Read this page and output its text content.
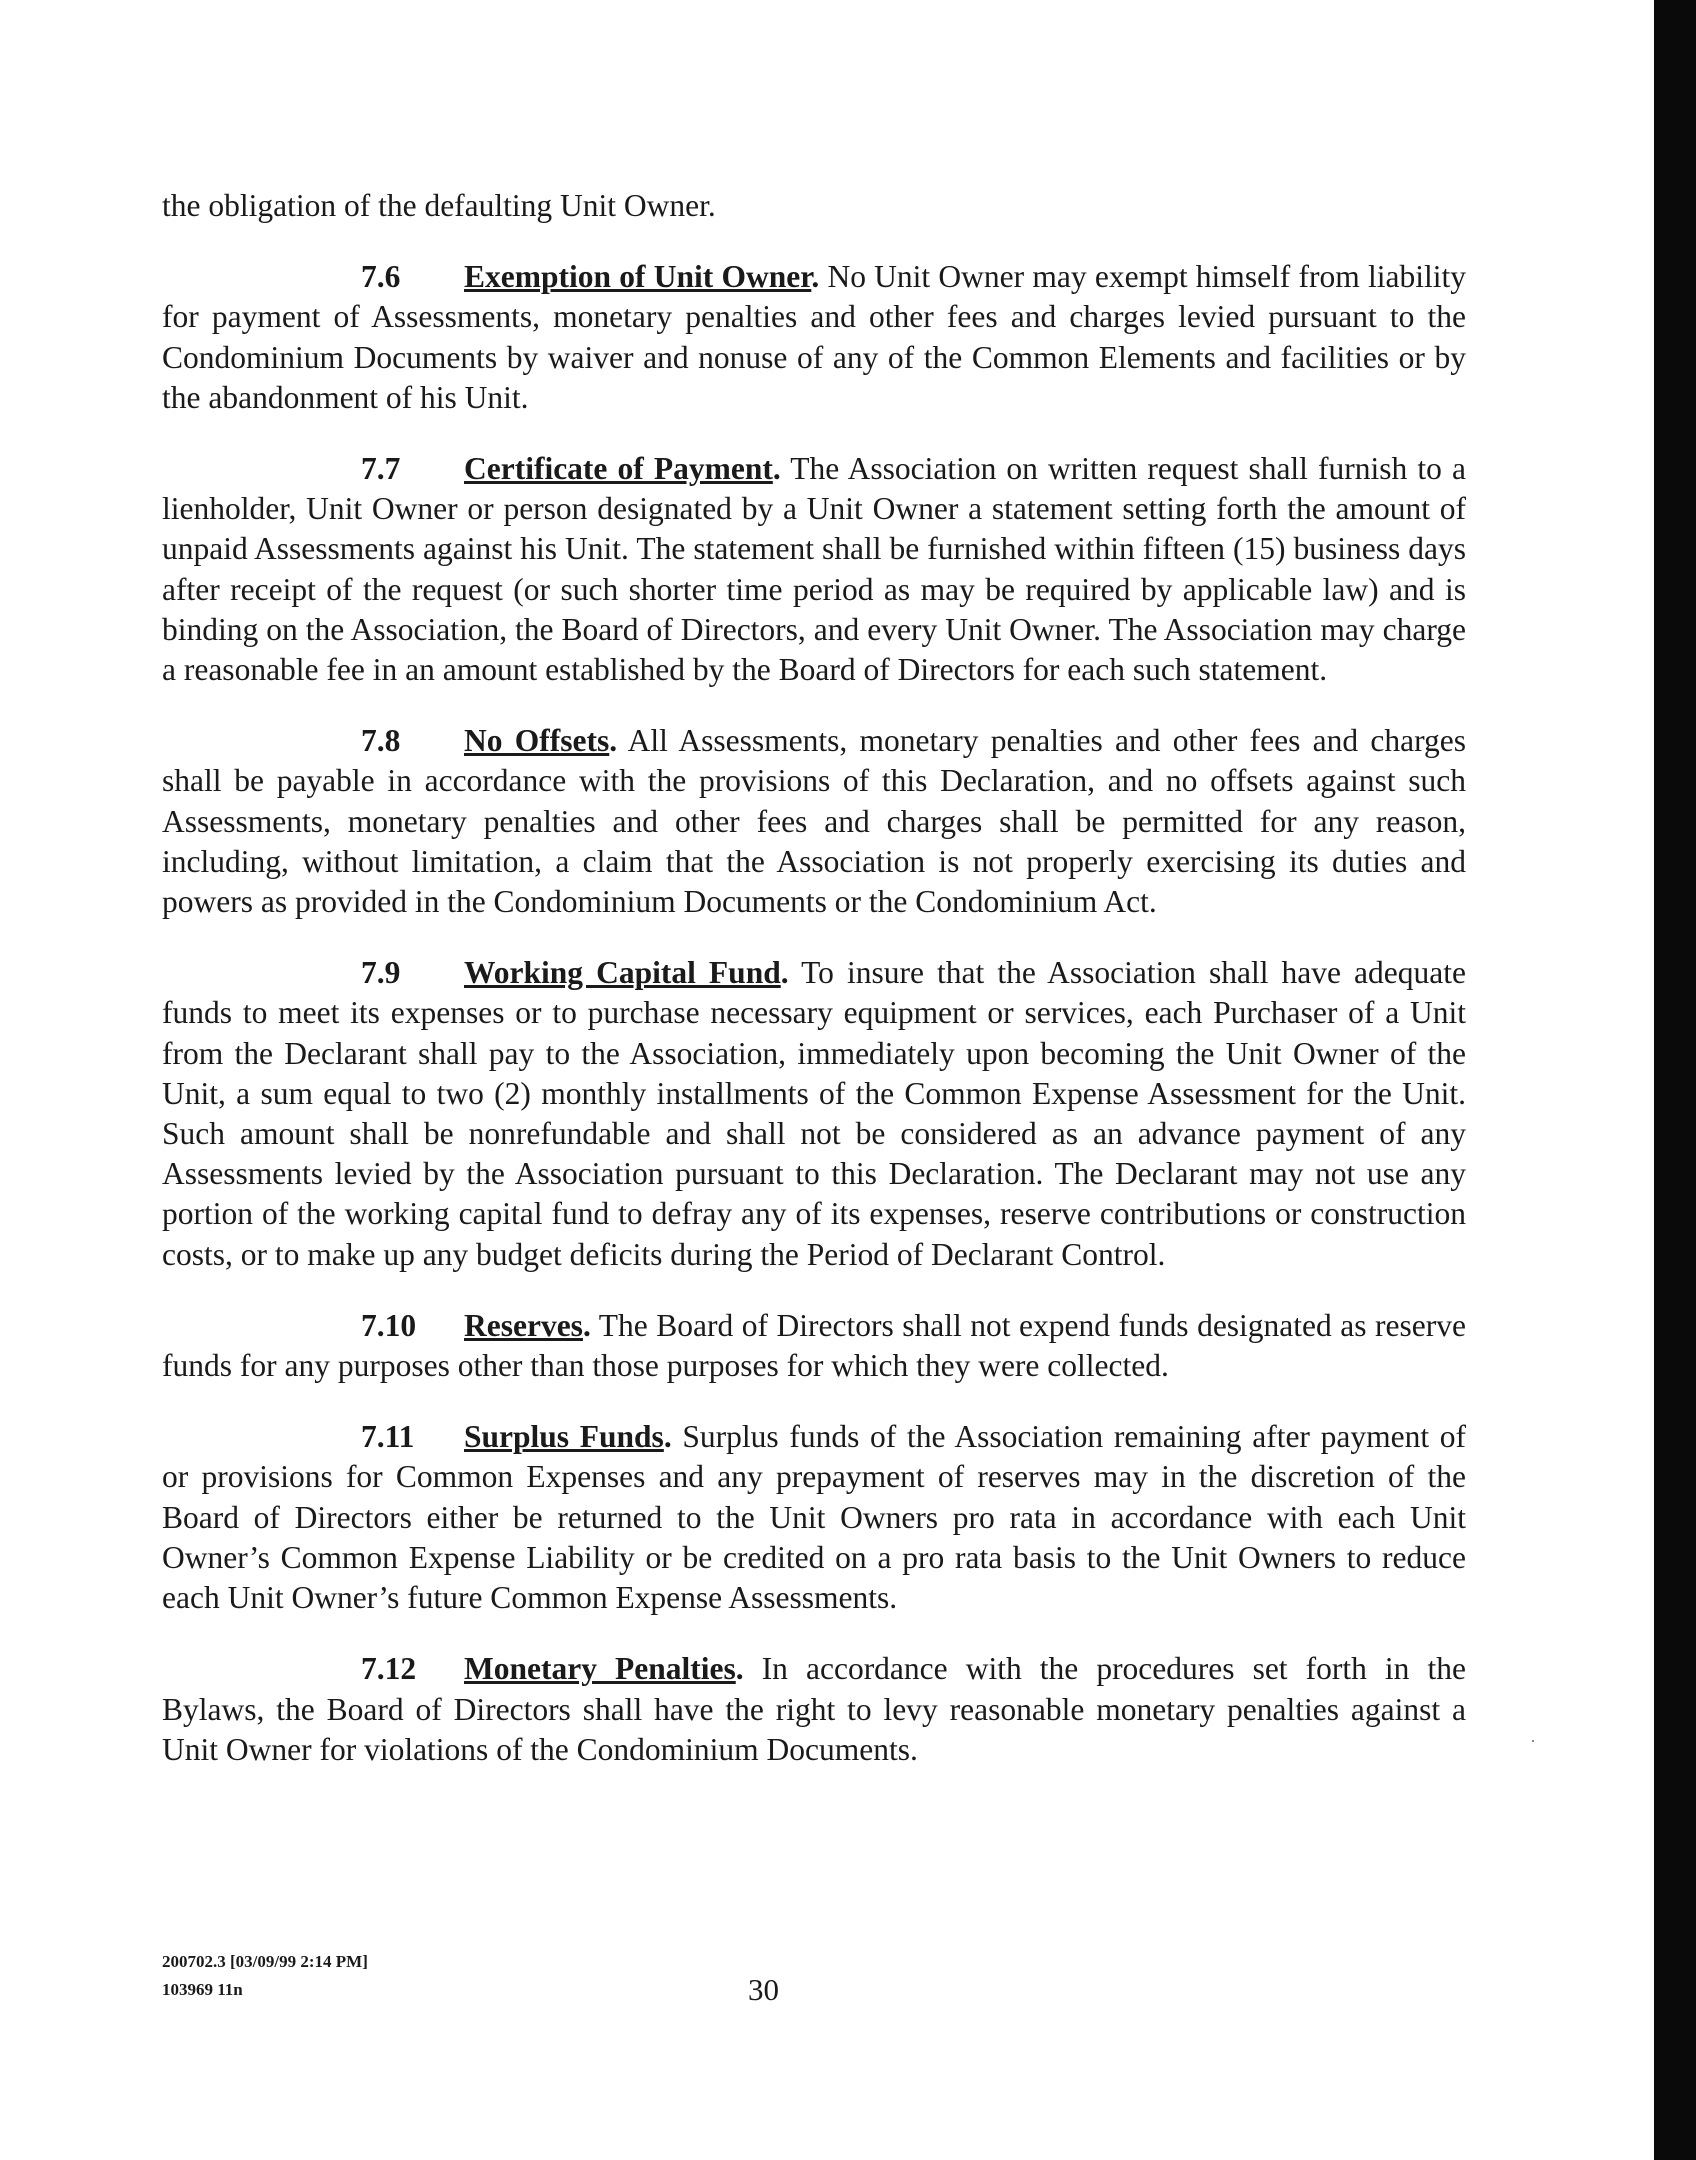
the obligation of the defaulting Unit Owner.

7.6 Exemption of Unit Owner. No Unit Owner may exempt himself from liability for payment of Assessments, monetary penalties and other fees and charges levied pursuant to the Condominium Documents by waiver and nonuse of any of the Common Elements and facilities or by the abandonment of his Unit.

7.7 Certificate of Payment. The Association on written request shall furnish to a lienholder, Unit Owner or person designated by a Unit Owner a statement setting forth the amount of unpaid Assessments against his Unit. The statement shall be furnished within fifteen (15) business days after receipt of the request (or such shorter time period as may be required by applicable law) and is binding on the Association, the Board of Directors, and every Unit Owner. The Association may charge a reasonable fee in an amount established by the Board of Directors for each such statement.

7.8 No Offsets. All Assessments, monetary penalties and other fees and charges shall be payable in accordance with the provisions of this Declaration, and no offsets against such Assessments, monetary penalties and other fees and charges shall be permitted for any reason, including, without limitation, a claim that the Association is not properly exercising its duties and powers as provided in the Condominium Documents or the Condominium Act.

7.9 Working Capital Fund. To insure that the Association shall have adequate funds to meet its expenses or to purchase necessary equipment or services, each Purchaser of a Unit from the Declarant shall pay to the Association, immediately upon becoming the Unit Owner of the Unit, a sum equal to two (2) monthly installments of the Common Expense Assessment for the Unit. Such amount shall be nonrefundable and shall not be considered as an advance payment of any Assessments levied by the Association pursuant to this Declaration. The Declarant may not use any portion of the working capital fund to defray any of its expenses, reserve contributions or construction costs, or to make up any budget deficits during the Period of Declarant Control.

7.10 Reserves. The Board of Directors shall not expend funds designated as reserve funds for any purposes other than those purposes for which they were collected.

7.11 Surplus Funds. Surplus funds of the Association remaining after payment of or provisions for Common Expenses and any prepayment of reserves may in the discretion of the Board of Directors either be returned to the Unit Owners pro rata in accordance with each Unit Owner’s Common Expense Liability or be credited on a pro rata basis to the Unit Owners to reduce each Unit Owner’s future Common Expense Assessments.

7.12 Monetary Penalties. In accordance with the procedures set forth in the Bylaws, the Board of Directors shall have the right to levy reasonable monetary penalties against a Unit Owner for violations of the Condominium Documents.

200702.3 [03/09/99 2:14 PM]
103969 11n	30
